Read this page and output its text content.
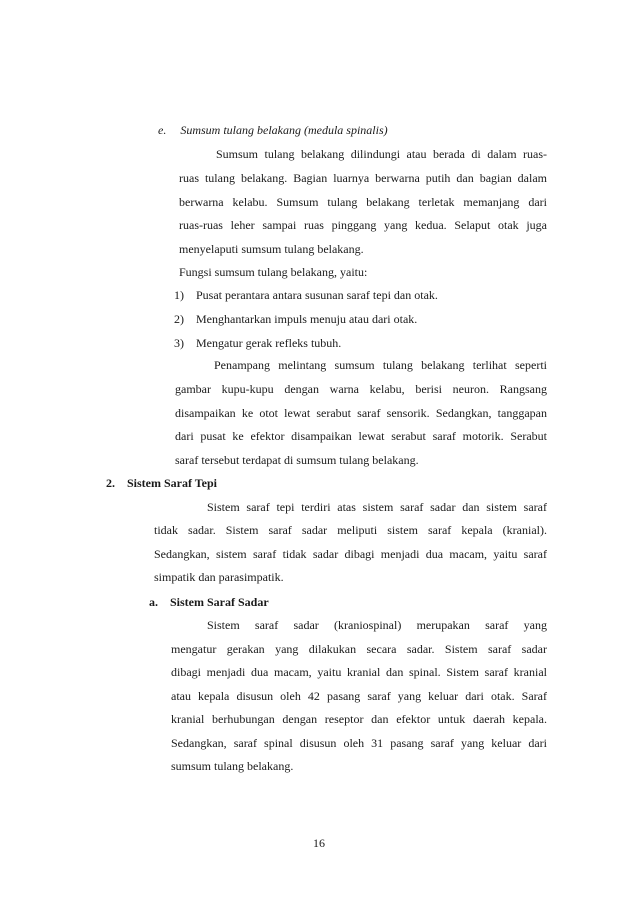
e. Sumsum tulang belakang (medula spinalis)
Sumsum tulang belakang dilindungi atau berada di dalam ruas-
ruas tulang belakang. Bagian luarnya berwarna putih dan bagian dalam
berwarna kelabu. Sumsum tulang belakang terletak memanjang dari
ruas-ruas leher sampai ruas pinggang yang kedua. Selaput otak juga
menyelaputi sumsum tulang belakang.
Fungsi sumsum tulang belakang, yaitu:
1) Pusat perantara antara susunan saraf tepi dan otak.
2) Menghantarkan impuls menuju atau dari otak.
3) Mengatur gerak refleks tubuh.
Penampang melintang sumsum tulang belakang terlihat seperti
gambar kupu-kupu dengan warna kelabu, berisi neuron. Rangsang
disampaikan ke otot lewat serabut saraf sensorik. Sedangkan, tanggapan
dari pusat ke efektor disampaikan lewat serabut saraf motorik. Serabut
saraf tersebut terdapat di sumsum tulang belakang.
2. Sistem Saraf Tepi
Sistem saraf tepi terdiri atas sistem saraf sadar dan sistem saraf
tidak sadar. Sistem saraf sadar meliputi sistem saraf kepala (kranial).
Sedangkan, sistem saraf tidak sadar dibagi menjadi dua macam, yaitu saraf
simpatik dan parasimpatik.
a. Sistem Saraf Sadar
Sistem saraf sadar (kraniospinal) merupakan saraf yang
mengatur gerakan yang dilakukan secara sadar. Sistem saraf sadar
dibagi menjadi dua macam, yaitu kranial dan spinal. Sistem saraf kranial
atau kepala disusun oleh 42 pasang saraf yang keluar dari otak. Saraf
kranial berhubungan dengan reseptor dan efektor untuk daerah kepala.
Sedangkan, saraf spinal disusun oleh 31 pasang saraf yang keluar dari
sumsum tulang belakang.
16
